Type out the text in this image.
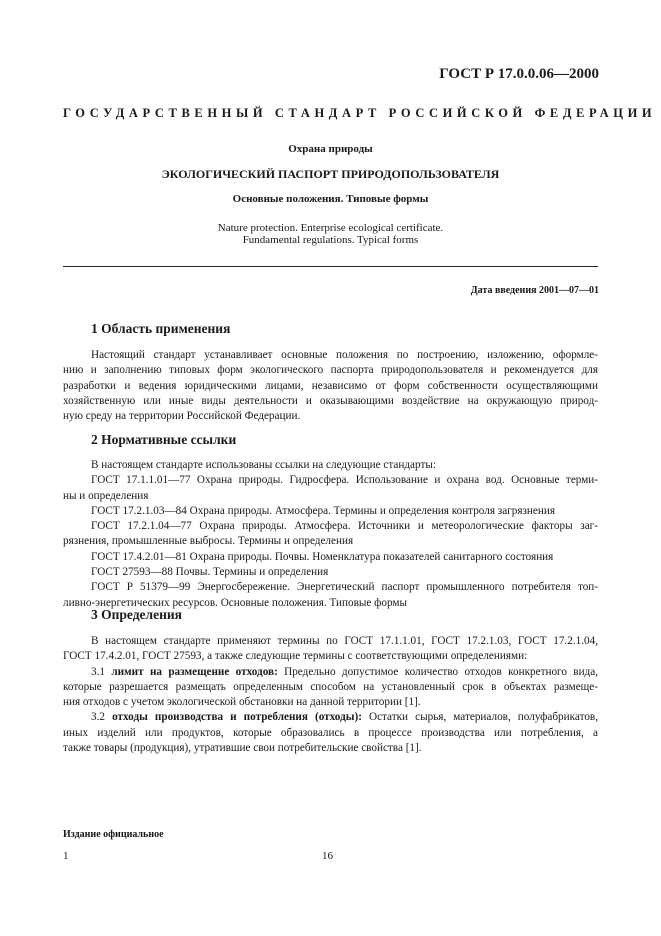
ГОСТ Р 17.0.0.06—2000
ГОСУДАРСТВЕННЫЙ СТАНДАРТ РОССИЙСКОЙ ФЕДЕРАЦИИ
Охрана природы
ЭКОЛОГИЧЕСКИЙ ПАСПОРТ ПРИРОДОПОЛЬЗОВАТЕЛЯ
Основные положения. Типовые формы
Nature protection. Enterprise ecological certificate.
Fundamental regulations. Typical forms
Дата введения 2001—07—01
1 Область применения
Настоящий стандарт устанавливает основные положения по построению, изложению, оформле-
нию и заполнению типовых форм экологического паспорта природопользователя и рекомендуется для
разработки и ведения юридическими лицами, независимо от форм собственности осуществляющими
хозяйственную или иные виды деятельности и оказывающими воздействие на окружающую природ-
ную среду на территории Российской Федерации.
2 Нормативные ссылки
В настоящем стандарте использованы ссылки на следующие стандарты:
ГОСТ 17.1.1.01—77 Охрана природы. Гидросфера. Использование и охрана вод. Основные терми-
ны и определения
ГОСТ 17.2.1.03—84 Охрана природы. Атмосфера. Термины и определения контроля загрязнения
ГОСТ 17.2.1.04—77 Охрана природы. Атмосфера. Источники и метеорологические факторы заг-
рязнения, промышленные выбросы. Термины и определения
ГОСТ 17.4.2.01—81 Охрана природы. Почвы. Номенклатура показателей санитарного состояния
ГОСТ 27593—88 Почвы. Термины и определения
ГОСТ Р 51379—99 Энергосбережение. Энергетический паспорт промышленного потребителя топ-
ливно-энергетических ресурсов. Основные положения. Типовые формы
3 Определения
В настоящем стандарте применяют термины по ГОСТ 17.1.1.01, ГОСТ 17.2.1.03, ГОСТ 17.2.1.04,
ГОСТ 17.4.2.01, ГОСТ 27593, а также следующие термины с соответствующими определениями:
3.1 лимит на размещение отходов: Предельно допустимое количество отходов конкретного вида,
которые разрешается размещать определенным способом на установленный срок в объектах размеще-
ния отходов с учетом экологической обстановки на данной территории [1].
3.2 отходы производства и потребления (отходы): Остатки сырья, материалов, полуфабрикатов,
иных изделий или продуктов, которые образовались в процессе производства или потребления, а
также товары (продукция), утратившие свои потребительские свойства [1].
Издание официальное
1	16
